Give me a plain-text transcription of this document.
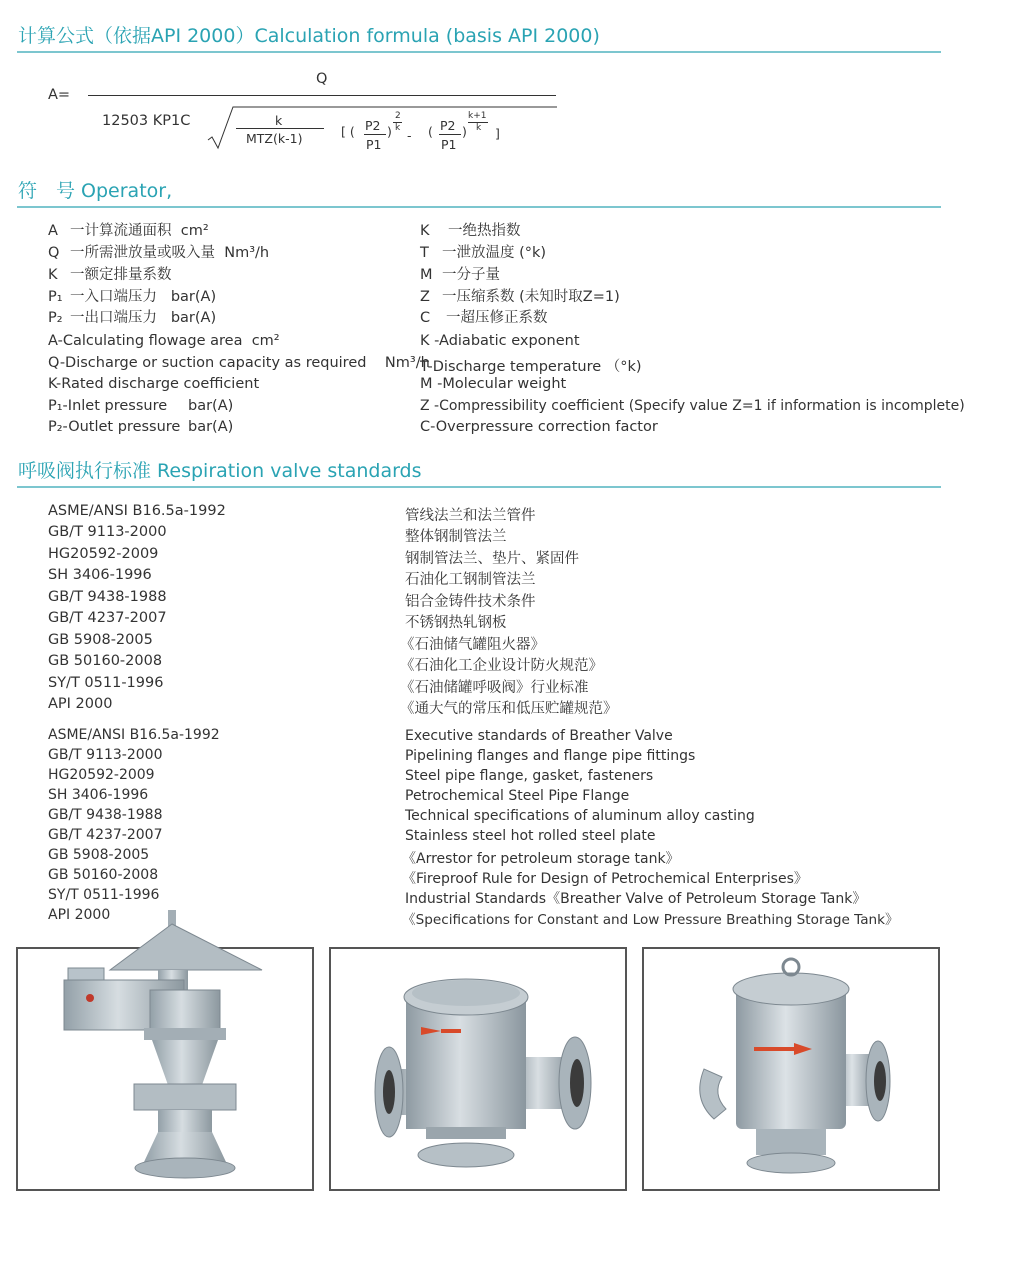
计算公式（依据API 2000）Calculation formula (basis API 2000)
A=
Q
12503 KP1C	k
MTZ(k-1)	[ ( P2
P1
)
2
k - ( P2
P1
)
k+1
k ]
符　号 Operator,
A 一计算流通面积 cm²
Q 一所需泄放量或吸入量 Nm³/h
K 一额定排量系数
P₁ 一入口端压力 bar(A)
P₂ 一出口端压力 bar(A)
K 一绝热指数
T 一泄放温度 (°k)
M 一分子量
Z 一压缩系数 (未知时取Z=1)
C 一超压修正系数
A-Calculating flowage area cm²
Q-Discharge or suction capacity as required Nm³/h
K-Rated discharge coefficient
P₁-Inlet pressure bar(A)
P₂-Outlet pressure bar(A)
K -Adiabatic exponent
T-Discharge temperature （°k)
M -Molecular weight
Z -Compressibility coefficient (Specify value Z=1 if information is incomplete)
C-Overpressure correction factor
呼吸阀执行标准 Respiration valve standards
ASME/ANSI B16.5a-1992	管线法兰和法兰管件
GB/T 9113-2000	整体钢制管法兰
HG20592-2009	钢制管法兰、垫片、紧固件
SH 3406-1996	石油化工钢制管法兰
GB/T 9438-1988	铝合金铸件技术条件
GB/T 4237-2007	不锈钢热轧钢板
GB 5908-2005	《石油储气罐阻火器》
GB 50160-2008	《石油化工企业设计防火规范》
SY/T 0511-1996	《石油储罐呼吸阀》行业标准
API 2000	《通大气的常压和低压贮罐规范》
ASME/ANSI B16.5a-1992	Executive standards of Breather Valve
GB/T 9113-2000	Pipelining flanges and flange pipe fittings
HG20592-2009	Steel pipe flange, gasket, fasteners
SH 3406-1996	Petrochemical Steel Pipe Flange
GB/T 9438-1988	Technical specifications of aluminum alloy casting
GB/T 4237-2007	Stainless steel hot rolled steel plate
GB 5908-2005	《Arrestor for petroleum storage tank》
GB 50160-2008	《Fireproof Rule for Design of Petrochemical Enterprises》
SY/T 0511-1996	Industrial Standards《Breather Valve of Petroleum Storage Tank》
API 2000	《Specifications for Constant and Low Pressure Breathing Storage Tank》
